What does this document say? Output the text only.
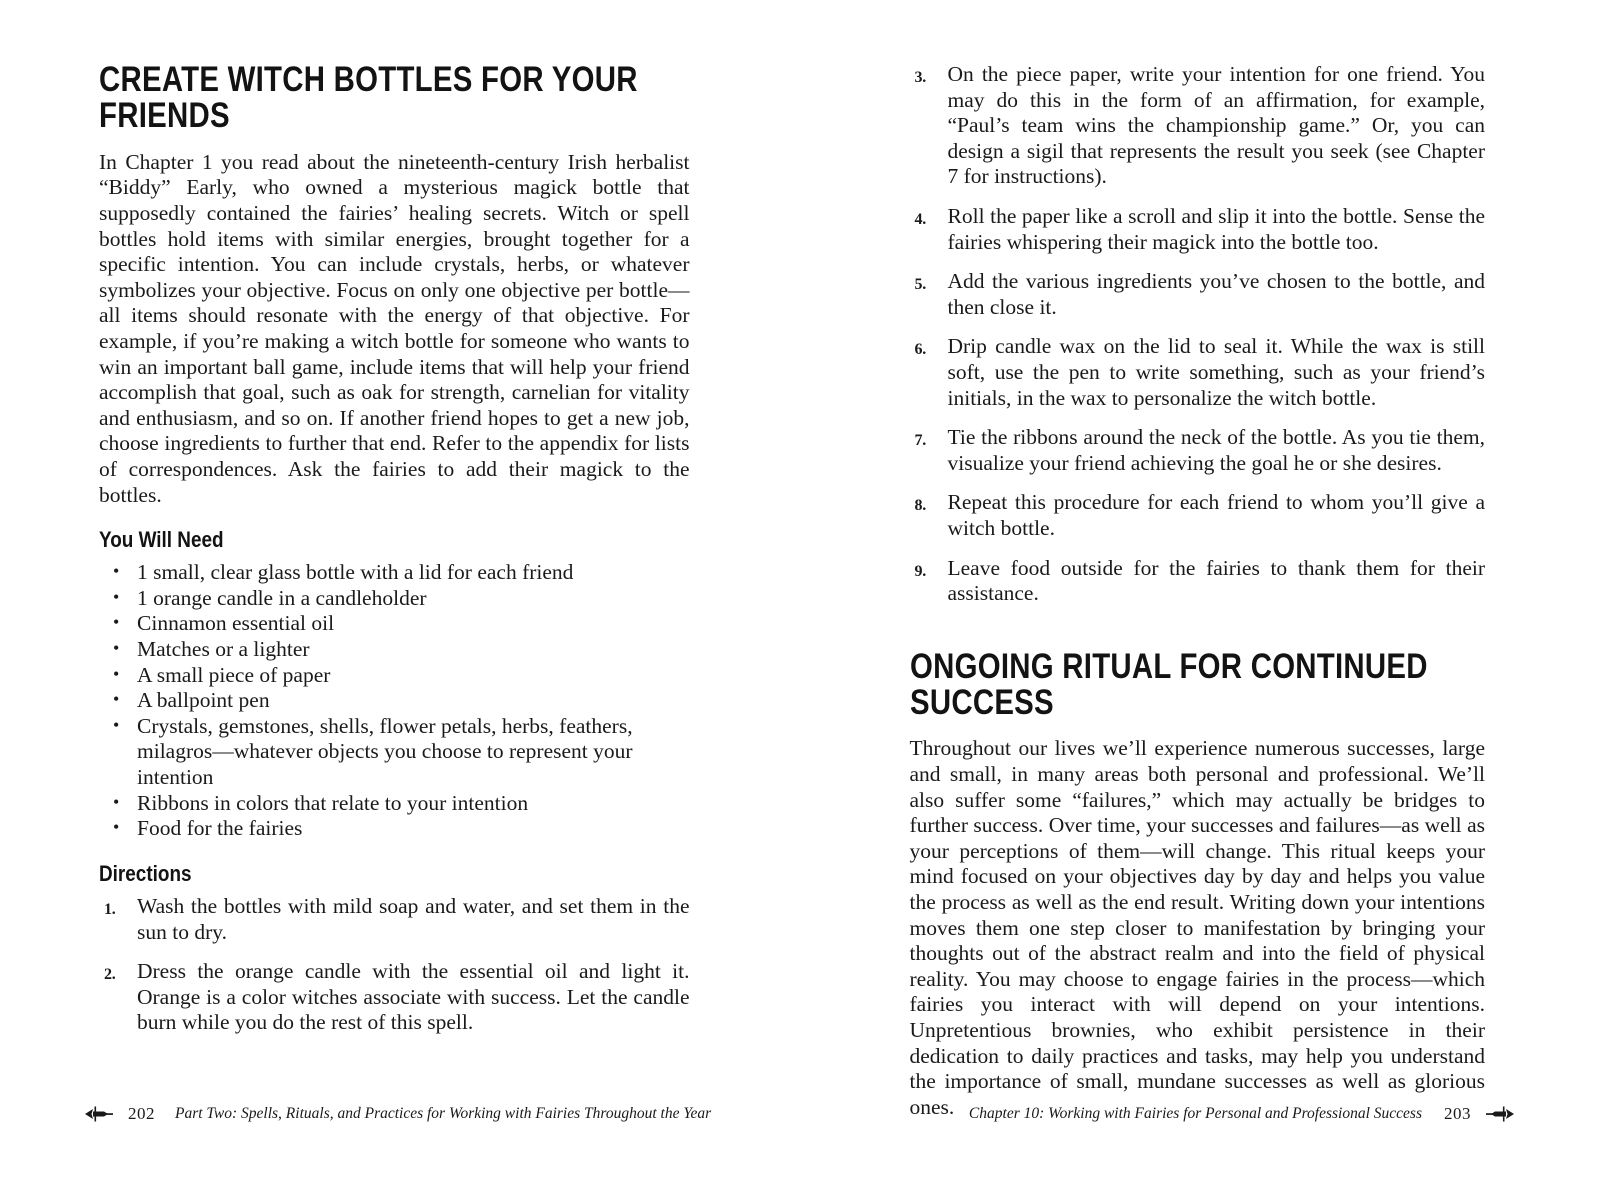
CREATE WITCH BOTTLES FOR YOUR FRIENDS

In Chapter 1 you read about the nineteenth-century Irish herbalist “Biddy” Early, who owned a mysterious magick bottle that supposedly contained the fairies’ healing secrets. Witch or spell bottles hold items with similar energies, brought together for a specific intention. You can include crystals, herbs, or whatever symbolizes your objective. Focus on only one objective per bottle—all items should resonate with the energy of that objective. For example, if you’re making a witch bottle for someone who wants to win an important ball game, include items that will help your friend accomplish that goal, such as oak for strength, carnelian for vitality and enthusiasm, and so on. If another friend hopes to get a new job, choose ingredients to further that end. Refer to the appendix for lists of correspondences. Ask the fairies to add their magick to the bottles.

You Will Need
• 1 small, clear glass bottle with a lid for each friend
• 1 orange candle in a candleholder
• Cinnamon essential oil
• Matches or a lighter
• A small piece of paper
• A ballpoint pen
• Crystals, gemstones, shells, flower petals, herbs, feathers, milagros—whatever objects you choose to represent your intention
• Ribbons in colors that relate to your intention
• Food for the fairies
Directions
1. Wash the bottles with mild soap and water, and set them in the sun to dry.
2. Dress the orange candle with the essential oil and light it. Orange is a color witches associate with success. Let the candle burn while you do the rest of this spell.
202 Part Two: Spells, Rituals, and Practices for Working with Fairies Throughout the Year
3. On the piece paper, write your intention for one friend. You may do this in the form of an affirmation, for example, “Paul’s team wins the championship game.” Or, you can design a sigil that represents the result you seek (see Chapter 7 for instructions).
4. Roll the paper like a scroll and slip it into the bottle. Sense the fairies whispering their magick into the bottle too.
5. Add the various ingredients you’ve chosen to the bottle, and then close it.
6. Drip candle wax on the lid to seal it. While the wax is still soft, use the pen to write something, such as your friend’s initials, in the wax to personalize the witch bottle.
7. Tie the ribbons around the neck of the bottle. As you tie them, visualize your friend achieving the goal he or she desires.
8. Repeat this procedure for each friend to whom you’ll give a witch bottle.
9. Leave food outside for the fairies to thank them for their assistance.
ONGOING RITUAL FOR CONTINUED SUCCESS

Throughout our lives we’ll experience numerous successes, large and small, in many areas both personal and professional. We’ll also suffer some “failures,” which may actually be bridges to further success. Over time, your successes and failures—as well as your perceptions of them—will change. This ritual keeps your mind focused on your objectives day by day and helps you value the process as well as the end result. Writing down your intentions moves them one step closer to manifestation by bringing your thoughts out of the abstract realm and into the field of physical reality. You may choose to engage fairies in the process—which fairies you interact with will depend on your intentions. Unpretentious brownies, who exhibit persistence in their dedication to daily practices and tasks, may help you understand the importance of small, mundane successes as well as glorious ones. Chapter 10: Working with Fairies for Personal and Professional Success 203
